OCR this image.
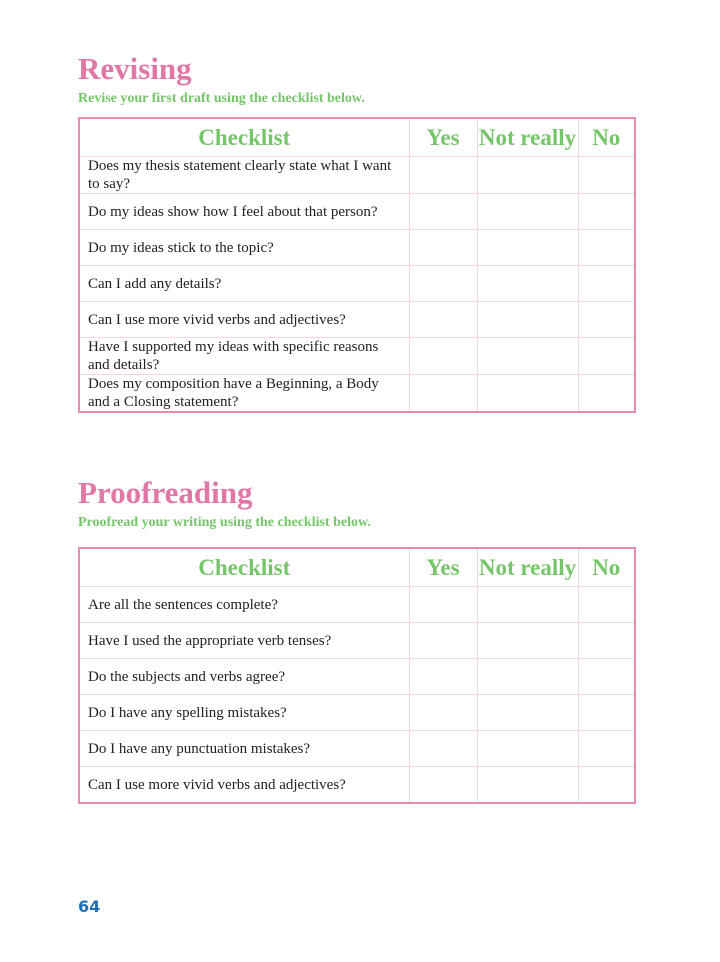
Revising

Revise your first draft using the checklist below.

Checklist	Yes	Not really	No
Does my thesis statement clearly state what I want to say?			
Do my ideas show how I feel about that person?			
Do my ideas stick to the topic?			
Can I add any details?			
Can I use more vivid verbs and adjectives?			
Have I supported my ideas with specific reasons and details?			
Does my composition have a Beginning, a Body and a Closing statement?			
Proofreading

Proofread your writing using the checklist below.

Checklist	Yes	Not really	No
Are all the sentences complete?			
Have I used the appropriate verb tenses?			
Do the subjects and verbs agree?			
Do I have any spelling mistakes?			
Do I have any punctuation mistakes?			
Can I use more vivid verbs and adjectives?			

64
